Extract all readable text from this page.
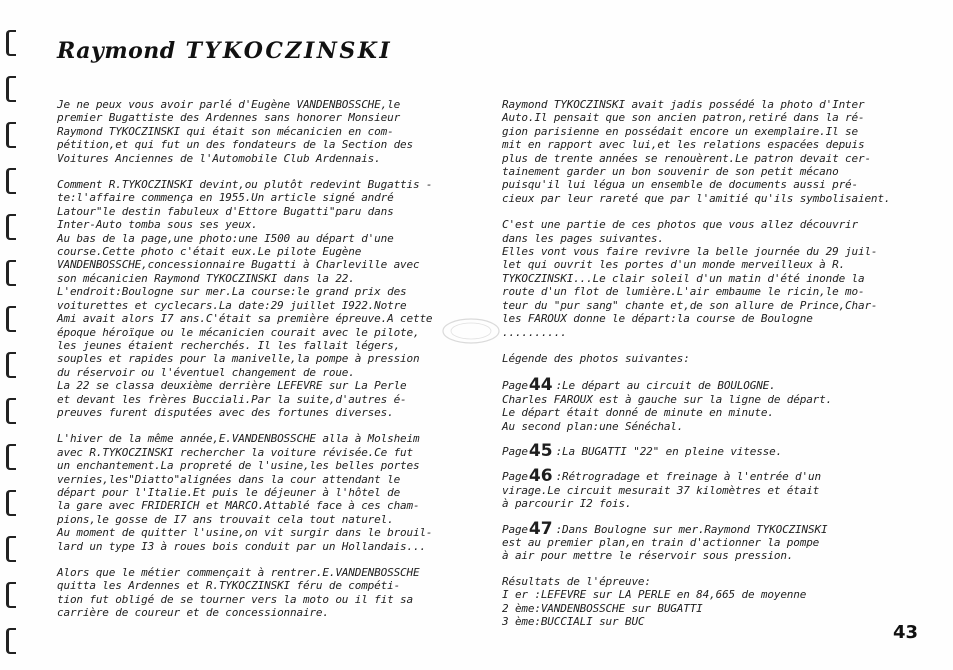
Raymond TYKOCZINSKI

Je ne peux vous avoir parlé d'Eugène VANDENBOSSCHE,le
premier Bugattiste des Ardennes sans honorer Monsieur
Raymond TYKOCZINSKI qui était son mécanicien en com-
pétition,et qui fut un des fondateurs de la Section des
Voitures Anciennes de l'Automobile Club Ardennais.

Comment R.TYKOCZINSKI devint,ou plutôt redevint Bugattis -
te:l'affaire commença en 1955.Un article signé andré
Latour"le destin fabuleux d'Ettore Bugatti"paru dans
Inter-Auto tomba sous ses yeux.
Au bas de la page,une photo:une I500 au départ d'une
course.Cette photo c'était eux.Le pilote Eugène
VANDENBOSSCHE,concessionnaire Bugatti à Charleville avec
son mécanicien Raymond TYKOCZINSKI dans la 22.
L'endroit:Boulogne sur mer.La course:le grand prix des
voiturettes et cyclecars.La date:29 juillet I922.Notre
Ami avait alors I7 ans.C'était sa première épreuve.A cette
époque héroïque ou le mécanicien courait avec le pilote,
les jeunes étaient recherchés. Il les fallait légers,
souples et rapides pour la manivelle,la pompe à pression
du réservoir ou l'éventuel changement de roue.
La 22 se classa deuxième derrière LEFEVRE sur La Perle
et devant les frères Bucciali.Par la suite,d'autres é-
preuves furent disputées avec des fortunes diverses.

L'hiver de la même année,E.VANDENBOSSCHE alla à Molsheim
avec R.TYKOCZINSKI rechercher la voiture révisée.Ce fut
un enchantement.La propreté de l'usine,les belles portes
vernies,les"Diatto"alignées dans la cour attendant le
départ pour l'Italie.Et puis le déjeuner à l'hôtel de
la gare avec FRIDERICH et MARCO.Attablé face à ces cham-
pions,le gosse de I7 ans trouvait cela tout naturel.
Au moment de quitter l'usine,on vit surgir dans le brouil-
lard un type I3 à roues bois conduit par un Hollandais...

Alors que le métier commençait à rentrer.E.VANDENBOSSCHE
quitta les Ardennes et R.TYKOCZINSKI féru de compéti-
tion fut obligé de se tourner vers la moto ou il fit sa
carrière de coureur et de concessionnaire.

Raymond TYKOCZINSKI avait jadis possédé la photo d'Inter
Auto.Il pensait que son ancien patron,retiré dans la ré-
gion parisienne en possédait encore un exemplaire.Il se
mit en rapport avec lui,et les relations espacées depuis
plus de trente années se renouèrent.Le patron devait cer-
tainement garder un bon souvenir de son petit mécano
puisqu'il lui légua un ensemble de documents aussi pré-
cieux par leur rareté que par l'amitié qu'ils symbolisaient.

C'est une partie de ces photos que vous allez découvrir
dans les pages suivantes.
Elles vont vous faire revivre la belle journée du 29 juil-
let qui ouvrit les portes d'un monde merveilleux à R.
TYKOCZINSKI...Le clair soleil d'un matin d'été inonde la
route d'un flot de lumière.L'air embaume le ricin,le mo-
teur du "pur sang" chante et,de son allure de Prince,Char-
les FAROUX donne le départ:la course de Boulogne
..........

Légende des photos suivantes:

Page44 :Le départ au circuit de BOULOGNE.
Charles FAROUX est à gauche sur la ligne de départ.
Le départ était donné de minute en minute.
Au second plan:une Sénéchal.

Page45 :La BUGATTI "22" en pleine vitesse.

Page46 :Rétrogradage et freinage à l'entrée d'un
virage.Le circuit mesurait 37 kilomètres et était
à parcourir I2 fois.

Page47 :Dans Boulogne sur mer.Raymond TYKOCZINSKI
est au premier plan,en train d'actionner la pompe
à air pour mettre le réservoir sous pression.

Résultats de l'épreuve:
I er :LEFEVRE sur LA PERLE en 84,665 de moyenne
2 ème:VANDENBOSSCHE sur BUGATTI
3 ème:BUCCIALI sur BUC

43
